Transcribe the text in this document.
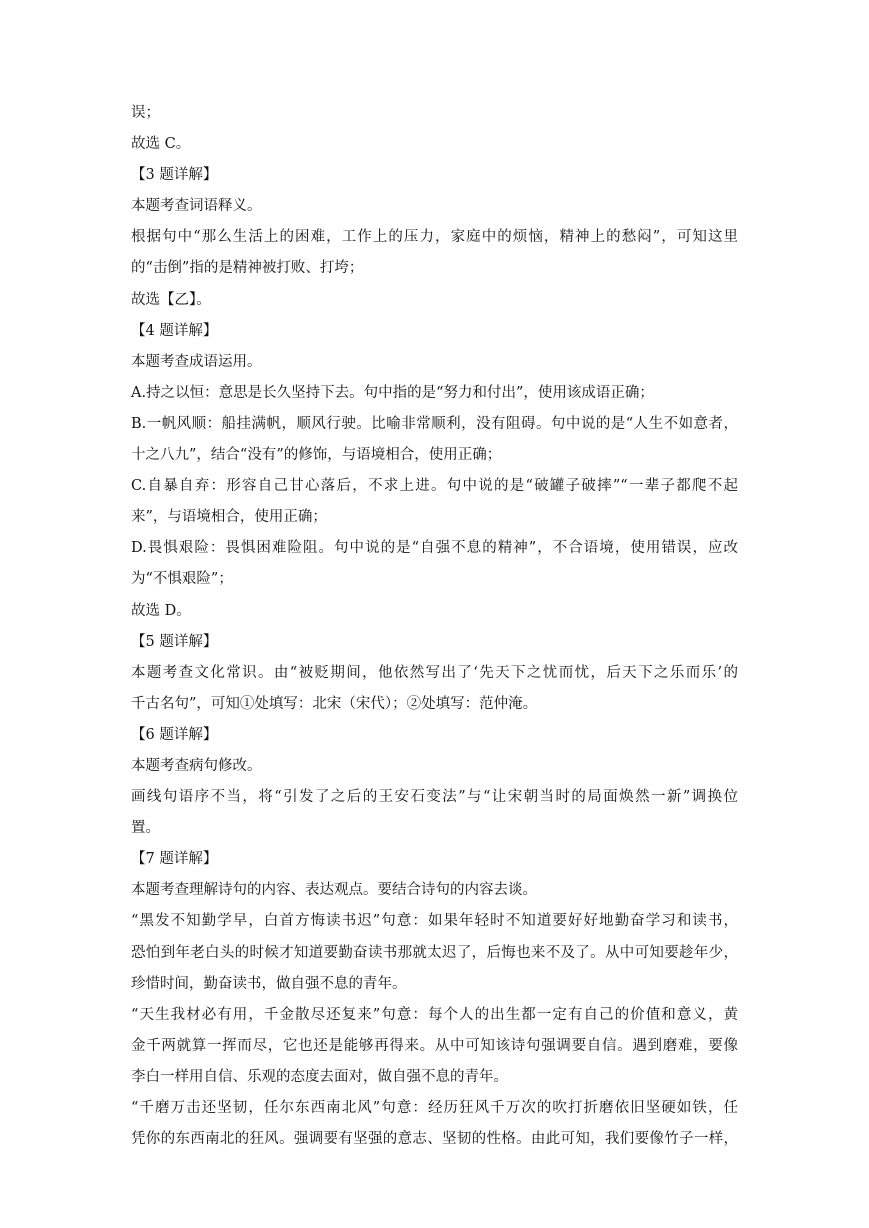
误；
故选 C。
【3 题详解】
本题考查词语释义。
根据句中“那么生活上的困难，工作上的压力，家庭中的烦恼，精神上的愁闷”，可知这里
的“击倒”指的是精神被打败、打垮；
故选【乙】。
【4 题详解】
本题考查成语运用。
A.持之以恒：意思是长久坚持下去。句中指的是“努力和付出”，使用该成语正确；
B.一帆风顺：船挂满帆，顺风行驶。比喻非常顺利，没有阻碍。句中说的是“人生不如意者，
十之八九”，结合“没有”的修饰，与语境相合，使用正确；
C.自暴自弃：形容自己甘心落后，不求上进。句中说的是“破罐子破摔”“一辈子都爬不起
来”，与语境相合，使用正确；
D.畏惧艰险：畏惧困难险阻。句中说的是“自强不息的精神”，不合语境，使用错误，应改
为“不惧艰险”；
故选 D。
【5 题详解】
本题考查文化常识。由“被贬期间，他依然写出了‘先天下之忧而忧，后天下之乐而乐’的
千古名句”，可知①处填写：北宋（宋代）；②处填写：范仲淹。
【6 题详解】
本题考查病句修改。
画线句语序不当，将“引发了之后的王安石变法”与“让宋朝当时的局面焕然一新”调换位
置。
【7 题详解】
本题考查理解诗句的内容、表达观点。要结合诗句的内容去谈。
“黑发不知勤学早，白首方悔读书迟”句意：如果年轻时不知道要好好地勤奋学习和读书，
恐怕到年老白头的时候才知道要勤奋读书那就太迟了，后悔也来不及了。从中可知要趁年少，
珍惜时间，勤奋读书，做自强不息的青年。
“天生我材必有用，千金散尽还复来”句意：每个人的出生都一定有自己的价值和意义，黄
金千两就算一挥而尽，它也还是能够再得来。从中可知该诗句强调要自信。遇到磨难，要像
李白一样用自信、乐观的态度去面对，做自强不息的青年。
“千磨万击还坚韧，任尔东西南北风”句意：经历狂风千万次的吹打折磨依旧坚硬如铁，任
凭你的东西南北的狂风。强调要有坚强的意志、坚韧的性格。由此可知，我们要像竹子一样，
